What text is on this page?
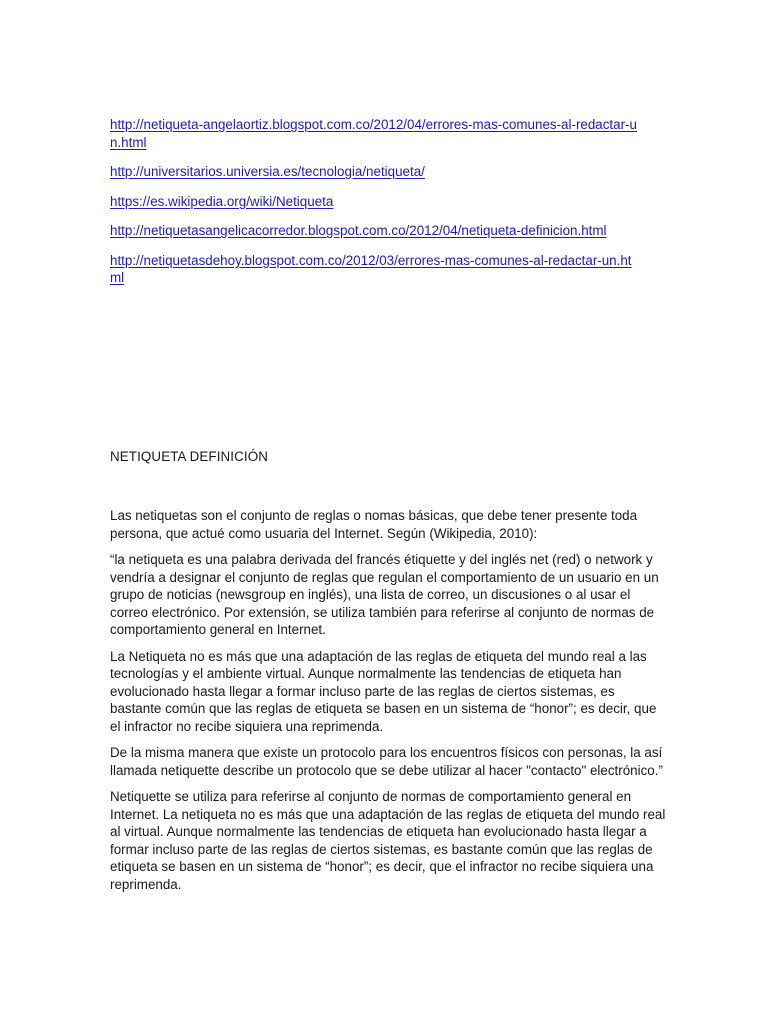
http://netiqueta-angelaortiz.blogspot.com.co/2012/04/errores-mas-comunes-al-redactar-un.html
http://universitarios.universia.es/tecnologia/netiqueta/
https://es.wikipedia.org/wiki/Netiqueta
http://netiquetasangelicacorredor.blogspot.com.co/2012/04/netiqueta-definicion.html
http://netiquetasdehoy.blogspot.com.co/2012/03/errores-mas-comunes-al-redactar-un.html
NETIQUETA DEFINICIÓN

Las netiquetas son el conjunto de reglas o nomas básicas, que debe tener presente toda persona, que actué como usuaria del Internet. Según (Wikipedia, 2010):

“la netiqueta es una palabra derivada del francés étiquette y del inglés net (red) o network y vendría a designar el conjunto de reglas que regulan el comportamiento de un usuario en un grupo de noticias (newsgroup en inglés), una lista de correo, un discusiones o al usar el correo electrónico. Por extensión, se utiliza también para referirse al conjunto de normas de comportamiento general en Internet.

La Netiqueta no es más que una adaptación de las reglas de etiqueta del mundo real a las tecnologías y el ambiente virtual. Aunque normalmente las tendencias de etiqueta han evolucionado hasta llegar a formar incluso parte de las reglas de ciertos sistemas, es bastante común que las reglas de etiqueta se basen en un sistema de “honor”; es decir, que el infractor no recibe siquiera una reprimenda.

De la misma manera que existe un protocolo para los encuentros físicos con personas, la así llamada netiquette describe un protocolo que se debe utilizar al hacer "contacto" electrónico.”

Netiquette se utiliza para referirse al conjunto de normas de comportamiento general en Internet. La netiqueta no es más que una adaptación de las reglas de etiqueta del mundo real al virtual. Aunque normalmente las tendencias de etiqueta han evolucionado hasta llegar a formar incluso parte de las reglas de ciertos sistemas, es bastante común que las reglas de etiqueta se basen en un sistema de “honor”; es decir, que el infractor no recibe siquiera una reprimenda.
